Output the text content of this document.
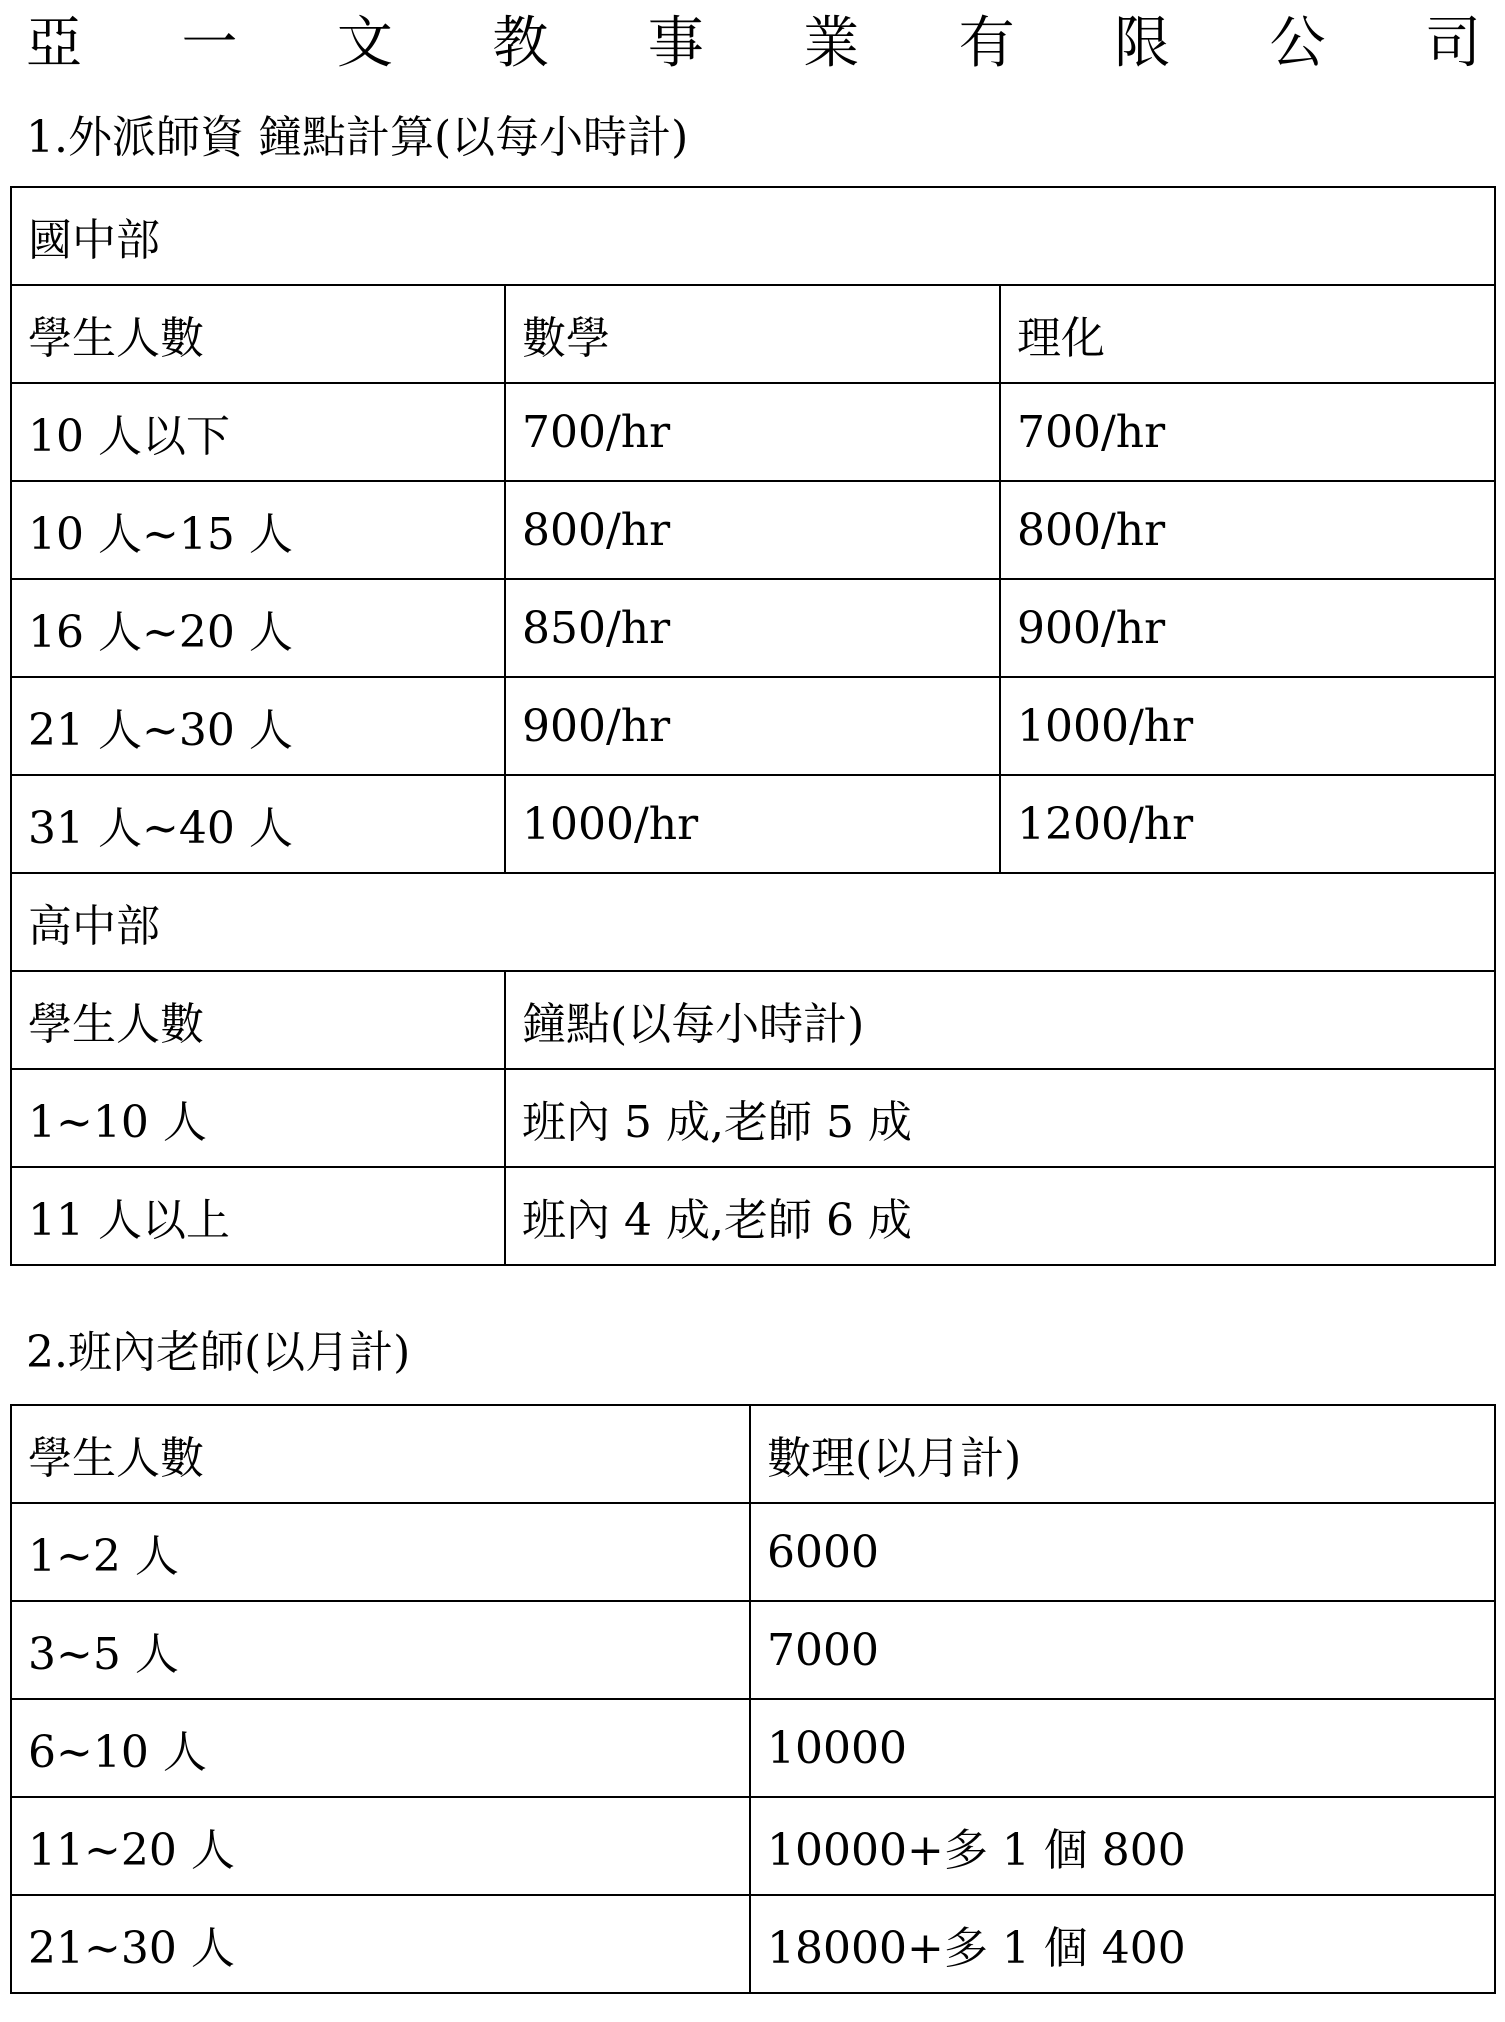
亞 一 文 教 事 業 有 限 公 司
1.外派師資 鐘點計算(以每小時計)
國中部		
學生人數	數學	理化
10 人以下	700/hr	700/hr
10 人~15 人	800/hr	800/hr
16 人~20 人	850/hr	900/hr
21 人~30 人	900/hr	1000/hr
31 人~40 人	1000/hr	1200/hr
高中部		
學生人數	鐘點(以每小時計)	
1~10 人	班內 5 成,老師 5 成	
11 人以上	班內 4 成,老師 6 成	
2.班內老師(以月計)
學生人數	數理(以月計)
1~2 人	6000
3~5 人	7000
6~10 人	10000
11~20 人	10000+多 1 個 800
21~30 人	18000+多 1 個 400
